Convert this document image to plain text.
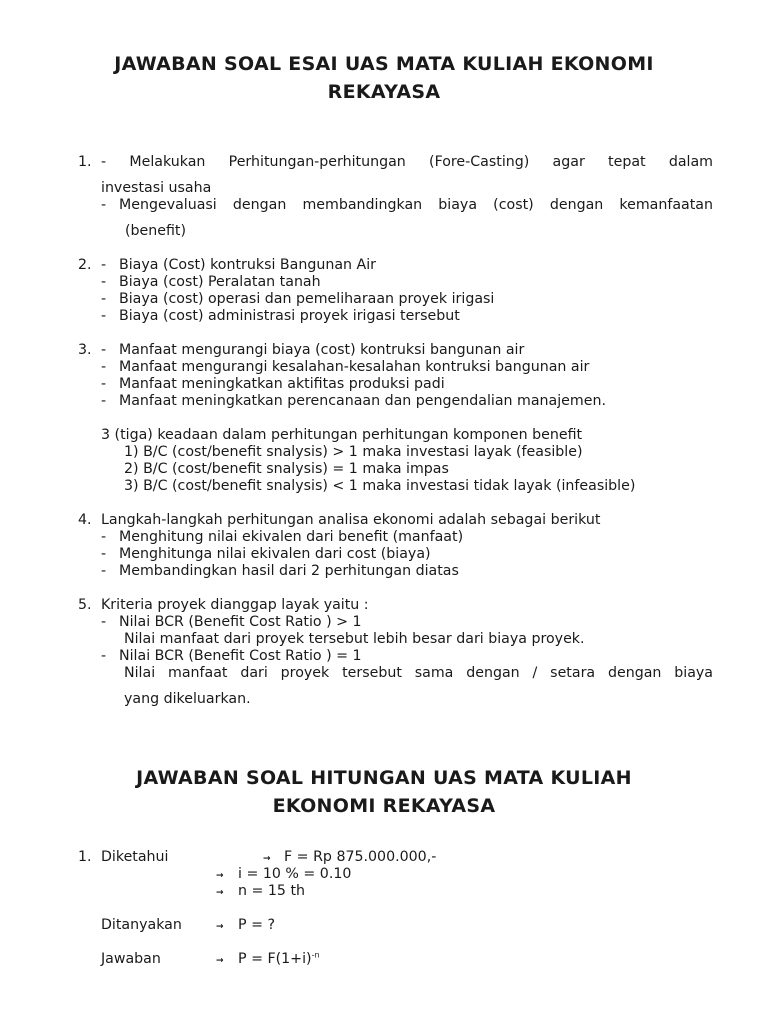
JAWABAN SOAL ESAI UAS MATA KULIAH EKONOMI
REKAYASA

1. - Melakukan Perhitungan-perhitungan (Fore-Casting) agar tepat dalam

investasi usaha

- Mengevaluasi dengan membandingkan biaya (cost) dengan kemanfaatan

(benefit)

2. - Biaya (Cost) kontruksi Bangunan Air

- Biaya (cost) Peralatan tanah

- Biaya (cost) operasi dan pemeliharaan proyek irigasi

- Biaya (cost) administrasi proyek irigasi tersebut

3. - Manfaat mengurangi biaya (cost) kontruksi bangunan air

- Manfaat mengurangi kesalahan-kesalahan kontruksi bangunan air

- Manfaat meningkatkan aktifitas produksi padi

- Manfaat meningkatkan perencanaan dan pengendalian manajemen.

3 (tiga) keadaan dalam perhitungan perhitungan komponen benefit

1) B/C (cost/benefit snalysis) > 1 maka investasi layak (feasible)

2) B/C (cost/benefit snalysis) = 1 maka impas

3) B/C (cost/benefit snalysis) < 1 maka investasi tidak layak (infeasible)

4. Langkah-langkah perhitungan analisa ekonomi adalah sebagai berikut

- Menghitung nilai ekivalen dari benefit (manfaat)

- Menghitunga nilai ekivalen dari cost (biaya)

- Membandingkan hasil dari 2 perhitungan diatas

5. Kriteria proyek dianggap layak yaitu :

- Nilai BCR (Benefit Cost Ratio ) > 1

Nilai manfaat dari proyek tersebut lebih besar dari biaya proyek.

- Nilai BCR (Benefit Cost Ratio ) = 1

Nilai manfaat dari proyek tersebut sama dengan / setara dengan biaya

yang dikeluarkan.

JAWABAN SOAL HITUNGAN UAS MATA KULIAH
EKONOMI REKAYASA

1. Diketahui	→ F = Rp 875.000.000,-

→ i = 10 % = 0.10

→ n = 15 th

Ditanyakan	→ P = ?

Jawaban	→ $P = F(1+i)^{-n}$
